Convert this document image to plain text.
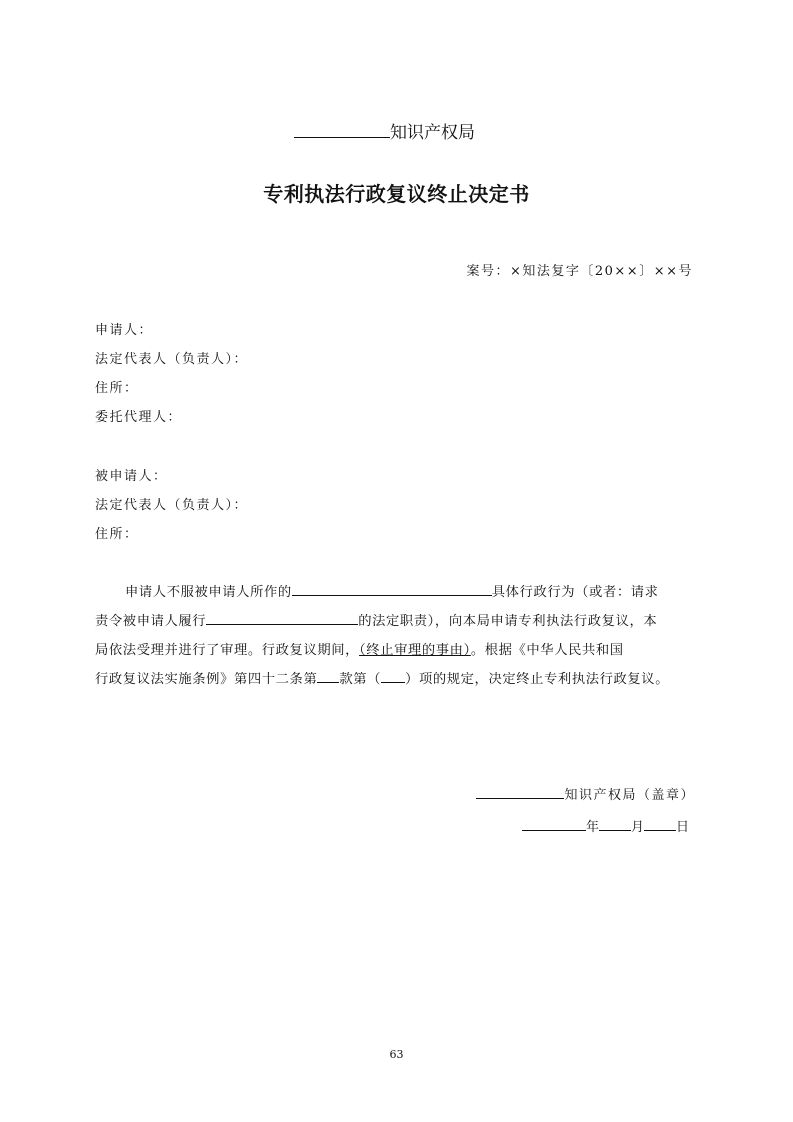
知识产权局
专利执法行政复议终止决定书
案号：×知法复字〔20××〕××号
申请人：
法定代表人（负责人）：
住所：
委托代理人：
被申请人：
法定代表人（负责人）：
住所：
申请人不服被申请人所作的	具体行政行为（或者：请求
责令被申请人履行	的法定职责），向本局申请专利执法行政复议，本
局依法受理并进行了审理。行政复议期间，（终止审理的事由）。根据《中华人民共和国
行政复议法实施条例》第四十二条第 款第（ ）项的规定，决定终止专利执法行政复议。
知识产权局（盖章）
年 月 日
63
